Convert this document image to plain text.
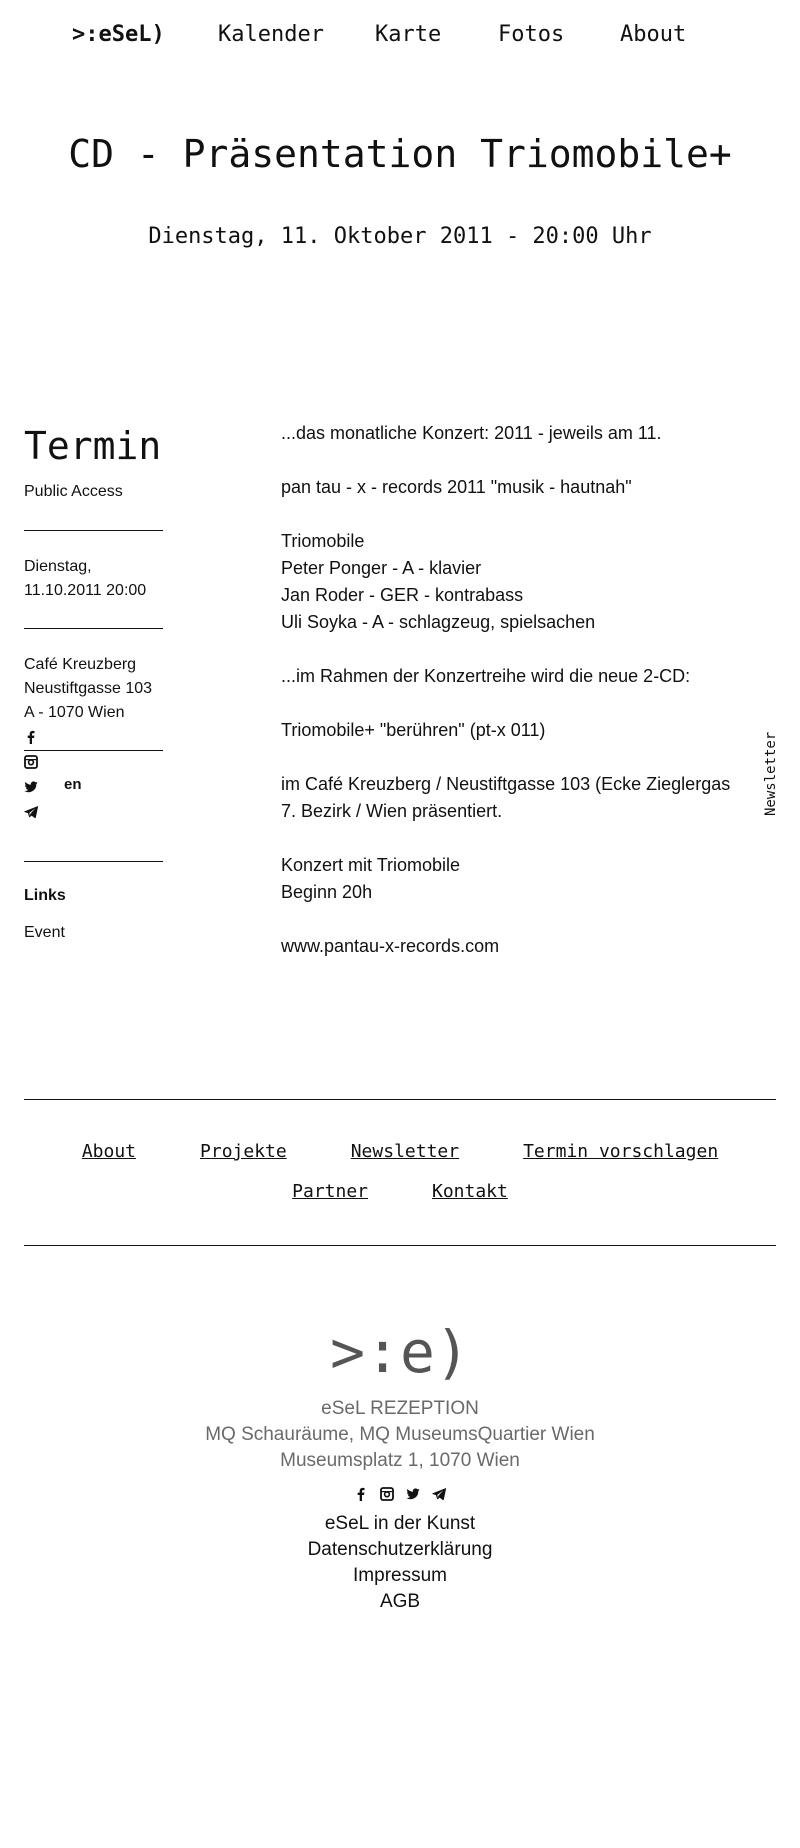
>:eSeL) Kalender Karte	Fotos	About
CD - Präsentation Triomobile+
Dienstag, 11. Oktober 2011 - 20:00 Uhr
Termin
Public Access
Dienstag,
11.10.2011 20:00
Café Kreuzberg
Neustiftgasse 103
A - 1070 Wien
en
Links
Event

...das monatliche Konzert: 2011 - jeweils am 11.

pan tau - x - records 2011 "musik - hautnah"

Triomobile
Peter Ponger - A - klavier
Jan Roder - GER - kontrabass
Uli Soyka - A - schlagzeug, spielsachen

...im Rahmen der Konzertreihe wird die neue 2-CD:

Triomobile+ "berühren" (pt-x 011)

im Café Kreuzberg / Neustiftgasse 103 (Ecke Zieglergas
7. Bezirk / Wien präsentiert.

Konzert mit Triomobile
Beginn 20h

www.pantau-x-records.com

Newsletter
About	Projekte	Newsletter	Termin vorschlagen
Partner	Kontakt
>:e)
eSeL REZEPTION
MQ Schauräume, MQ MuseumsQuartier Wien
Museumsplatz 1, 1070 Wien
eSeL in der Kunst
Datenschutzerklärung
Impressum
AGB
